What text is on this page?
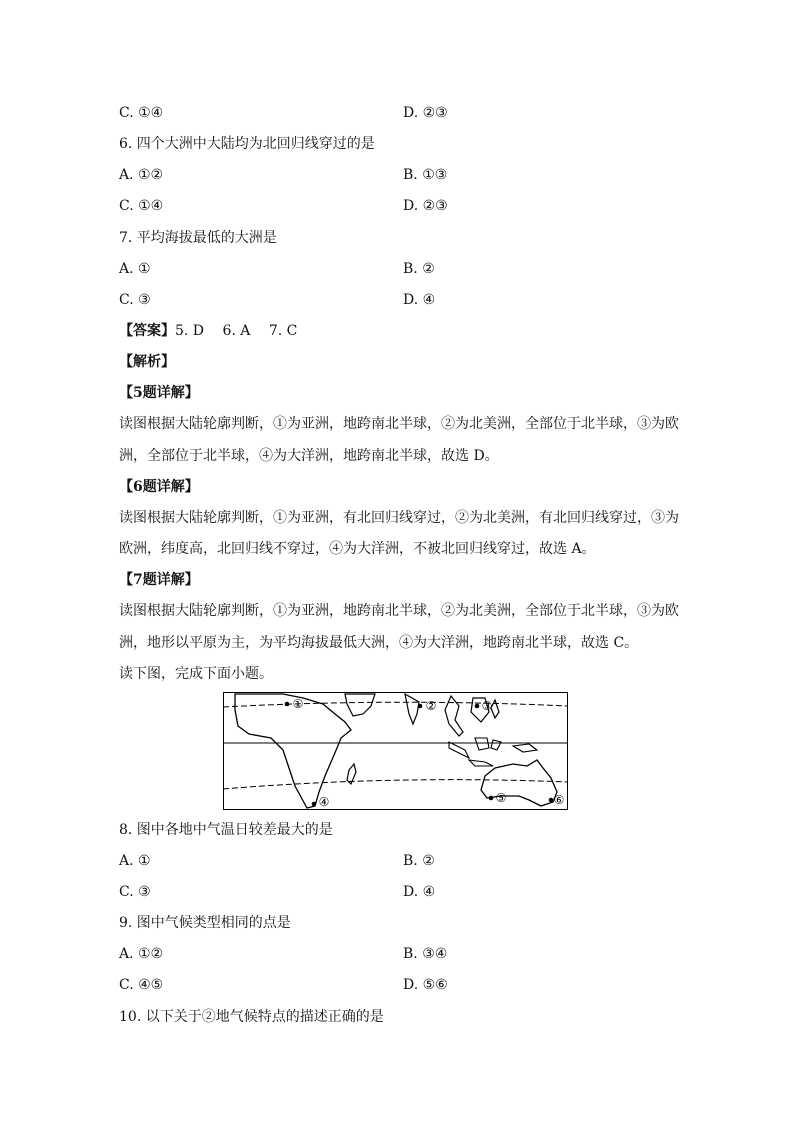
C. ①④	D. ②③
6. 四个大洲中大陆均为北回归线穿过的是
A. ①②	B. ①③
C. ①④	D. ②③
7. 平均海拔最低的大洲是
A. ①	B. ②
C. ③	D. ④
【答案】5. D　 6. A　 7. C
【解析】
【5题详解】
读图根据大陆轮廓判断，①为亚洲，地跨南北半球，②为北美洲，全部位于北半球，③为欧
洲，全部位于北半球，④为大洋洲，地跨南北半球，故选 D。
【6题详解】
读图根据大陆轮廓判断，①为亚洲，有北回归线穿过，②为北美洲，有北回归线穿过，③为
欧洲，纬度高，北回归线不穿过，④为大洋洲，不被北回归线穿过，故选 A。
【7题详解】
读图根据大陆轮廓判断，①为亚洲，地跨南北半球，②为北美洲，全部位于北半球，③为欧
洲，地形以平原为主，为平均海拔最低大洲，④为大洋洲，地跨南北半球，故选 C。
读下图，完成下面小题。
①	②	③
④	⑤	⑥
8. 图中各地中气温日较差最大的是
A. ①	B. ②
C. ③	D. ④
9. 图中气候类型相同的点是
A. ①②	B. ③④
C. ④⑤	D. ⑤⑥
10. 以下关于②地气候特点的描述正确的是
